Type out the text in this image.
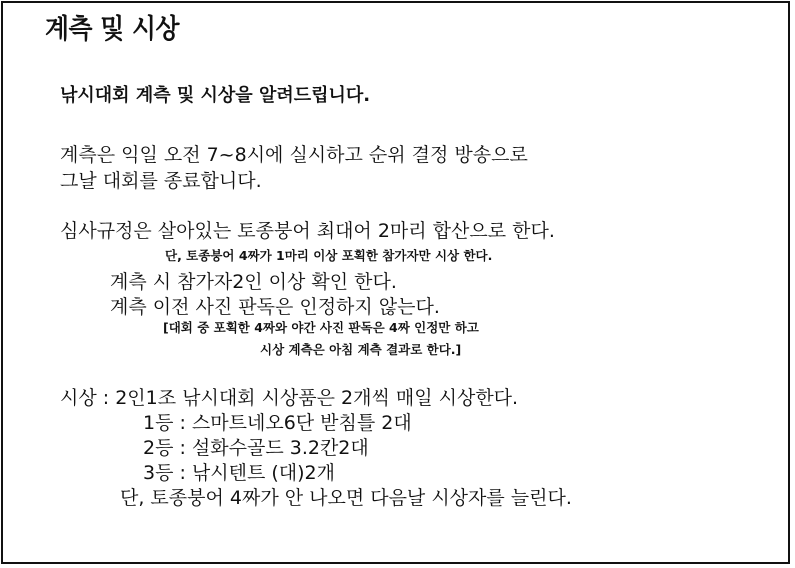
계측 및 시상
낚시대회 계측 및 시상을 알려드립니다.
계측은 익일 오전 7~8시에 실시하고 순위 결정 방송으로
그날 대회를 종료합니다.
심사규정은 살아있는 토종붕어 최대어 2마리 합산으로 한다.
단, 토종붕어 4짜가 1마리 이상 포획한 참가자만 시상 한다.
계측 시 참가자2인 이상 확인 한다.
계측 이전 사진 판독은 인정하지 않는다.
[대회 중 포획한 4짜와 야간 사진 판독은 4짜 인정만 하고
시상 계측은 아침 계측 결과로 한다.]
시상 : 2인1조 낚시대회 시상품은 2개씩 매일 시상한다.
1등 : 스마트네오6단 받침틀 2대
2등 : 설화수골드 3.2칸2대
3등 : 낚시텐트 (대)2개
단, 토종붕어 4짜가 안 나오면 다음날 시상자를 늘린다.
